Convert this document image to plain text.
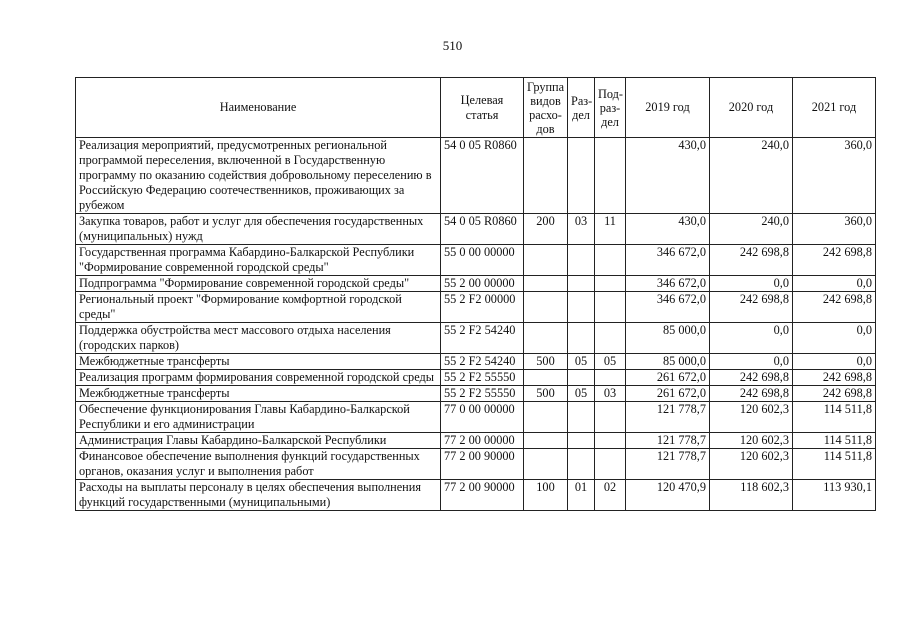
510
Наименование	Целевая статья	Группа видов расхо-дов	Раз-дел	Под-раз-дел	2019 год	2020 год	2021 год
Реализация мероприятий, предусмотренных региональной программой переселения, включенной в Государственную программу по оказанию содействия добровольному переселению в Российскую Федерацию соотечественников, проживающих за рубежом	54 0 05 R0860				430,0	240,0	360,0
Закупка товаров, работ и услуг для обеспечения государственных (муниципальных) нужд	54 0 05 R0860	200	03	11	430,0	240,0	360,0
Государственная программа Кабардино-Балкарской Республики "Формирование современной городской среды"	55 0 00 00000				346 672,0	242 698,8	242 698,8
Подпрограмма "Формирование современной городской среды"	55 2 00 00000				346 672,0	0,0	0,0
Региональный проект "Формирование комфортной городской среды"	55 2 F2 00000				346 672,0	242 698,8	242 698,8
Поддержка обустройства мест массового отдыха населения (городских парков)	55 2 F2 54240				85 000,0	0,0	0,0
Межбюджетные трансферты	55 2 F2 54240	500	05	05	85 000,0	0,0	0,0
Реализация программ формирования современной городской среды	55 2 F2 55550				261 672,0	242 698,8	242 698,8
Межбюджетные трансферты	55 2 F2 55550	500	05	03	261 672,0	242 698,8	242 698,8
Обеспечение функционирования Главы Кабардино-Балкарской Республики и его администрации	77 0 00 00000				121 778,7	120 602,3	114 511,8
Администрация Главы Кабардино-Балкарской Республики	77 2 00 00000				121 778,7	120 602,3	114 511,8
Финансовое обеспечение выполнения функций государственных органов, оказания услуг и выполнения работ	77 2 00 90000				121 778,7	120 602,3	114 511,8
Расходы на выплаты персоналу в целях обеспечения выполнения функций государственными (муниципальными)	77 2 00 90000	100	01	02	120 470,9	118 602,3	113 930,1
